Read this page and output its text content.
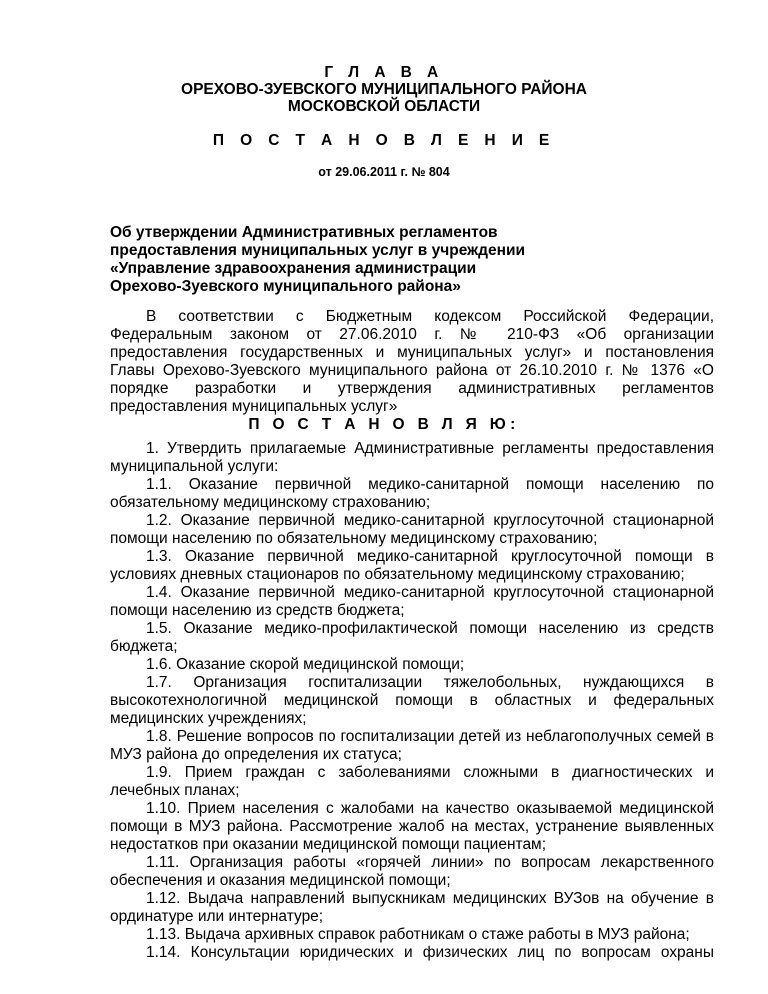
Г Л А В А
ОРЕХОВО-ЗУЕВСКОГО МУНИЦИПАЛЬНОГО РАЙОНА
МОСКОВСКОЙ ОБЛАСТИ
П О С Т А Н О В Л Е Н И Е
от 29.06.2011 г. № 804
Об утверждении Административных регламентов
предоставления муниципальных услуг в учреждении
«Управление здравоохранения администрации
Орехово-Зуевского муниципального района»
В соответствии с Бюджетным кодексом Российской Федерации,
Федеральным законом от 27.06.2010 г. № 210-ФЗ «Об организации
предоставления государственных и муниципальных услуг» и постановления
Главы Орехово-Зуевского муниципального района от 26.10.2010 г. № 1376 «О
порядке разработки и утверждения административных регламентов
предоставления муниципальных услуг»
П О С Т А Н О В Л Я Ю:
1. Утвердить прилагаемые Административные регламенты предоставления
муниципальной услуги:
1.1. Оказание первичной медико-санитарной помощи населению по
обязательному медицинскому страхованию;
1.2. Оказание первичной медико-санитарной круглосуточной стационарной
помощи населению по обязательному медицинскому страхованию;
1.3. Оказание первичной медико-санитарной круглосуточной помощи в
условиях дневных стационаров по обязательному медицинскому страхованию;
1.4. Оказание первичной медико-санитарной круглосуточной стационарной
помощи населению из средств бюджета;
1.5. Оказание медико-профилактической помощи населению из средств
бюджета;
1.6. Оказание скорой медицинской помощи;
1.7. Организация госпитализации тяжелобольных, нуждающихся в
высокотехнологичной медицинской помощи в областных и федеральных
медицинских учреждениях;
1.8. Решение вопросов по госпитализации детей из неблагополучных семей в
МУЗ района до определения их статуса;
1.9. Прием граждан с заболеваниями сложными в диагностических и
лечебных планах;
1.10. Прием населения с жалобами на качество оказываемой медицинской
помощи в МУЗ района. Рассмотрение жалоб на местах, устранение выявленных
недостатков при оказании медицинской помощи пациентам;
1.11. Организация работы «горячей линии» по вопросам лекарственного
обеспечения и оказания медицинской помощи;
1.12. Выдача направлений выпускникам медицинских ВУЗов на обучение в
ординатуре или интернатуре;
1.13. Выдача архивных справок работникам о стаже работы в МУЗ района;
1.14. Консультации юридических и физических лиц по вопросам охраны
